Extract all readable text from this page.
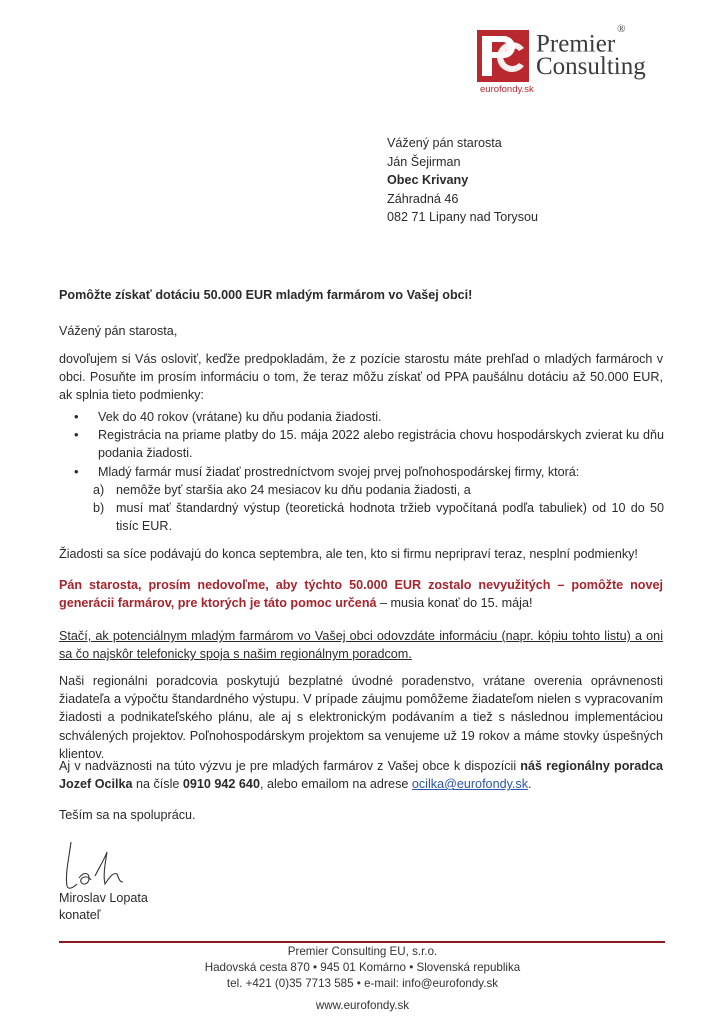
Premier®
Consulting
eurofondy.sk
Vážený pán starosta
Ján Šejirman
Obec Krivany
Záhradná 46
082 71 Lipany nad Torysou
Pomôžte získať dotáciu 50.000 EUR mladým farmárom vo Vašej obci!
Vážený pán starosta,
dovoľujem si Vás osloviť, keďže predpokladám, že z pozície starostu máte prehľad o mladých farmároch v obci. Posuňte im prosím informáciu o tom, že teraz môžu získať od PPA paušálnu dotáciu až 50.000 EUR, ak splnia tieto podmienky:
• Vek do 40 rokov (vrátane) ku dňu podania žiadosti.
• Registrácia na priame platby do 15. mája 2022 alebo registrácia chovu hospodárskych zvierat ku dňu podania žiadosti.
• Mladý farmár musí žiadať prostredníctvom svojej prvej poľnohospodárskej firmy, ktorá:
a) nemôže byť staršia ako 24 mesiacov ku dňu podania žiadosti, a
b) musí mať štandardný výstup (teoretická hodnota tržieb vypočítaná podľa tabuliek) od 10 do 50 tisíc EUR.
Žiadosti sa síce podávajú do konca septembra, ale ten, kto si firmu nepripraví teraz, nesplní podmienky!
Pán starosta, prosím nedovoľme, aby týchto 50.000 EUR zostalo nevyužitých – pomôžte novej generácii farmárov, pre ktorých je táto pomoc určená – musia konať do 15. mája!
Stačí, ak potenciálnym mladým farmárom vo Vašej obci odovzdáte informáciu (napr. kópiu tohto listu) a oni sa čo najskôr telefonicky spoja s našim regionálnym poradcom.
Naši regionálni poradcovia poskytujú bezplatné úvodné poradenstvo, vrátane overenia oprávnenosti žiadateľa a výpočtu štandardného výstupu. V prípade záujmu pomôžeme žiadateľom nielen s vypracovaním žiadosti a podnikateľského plánu, ale aj s elektronickým podávaním a tiež s následnou implementáciou schválených projektov. Poľnohospodárskym projektom sa venujeme už 19 rokov a máme stovky úspešných klientov.
Aj v nadväznosti na túto výzvu je pre mladých farmárov z Vašej obce k dispozícii náš regionálny poradca Jozef Ocilka na čísle 0910 942 640, alebo emailom na adrese ocilka@eurofondy.sk.
Teším sa na spoluprácu.
Miroslav Lopata
konateľ
Premier Consulting EU, s.r.o.
Hadovská cesta 870 • 945 01 Komárno • Slovenská republika
tel. +421 (0)35 7713 585 • e-mail: info@eurofondy.sk
www.eurofondy.sk
